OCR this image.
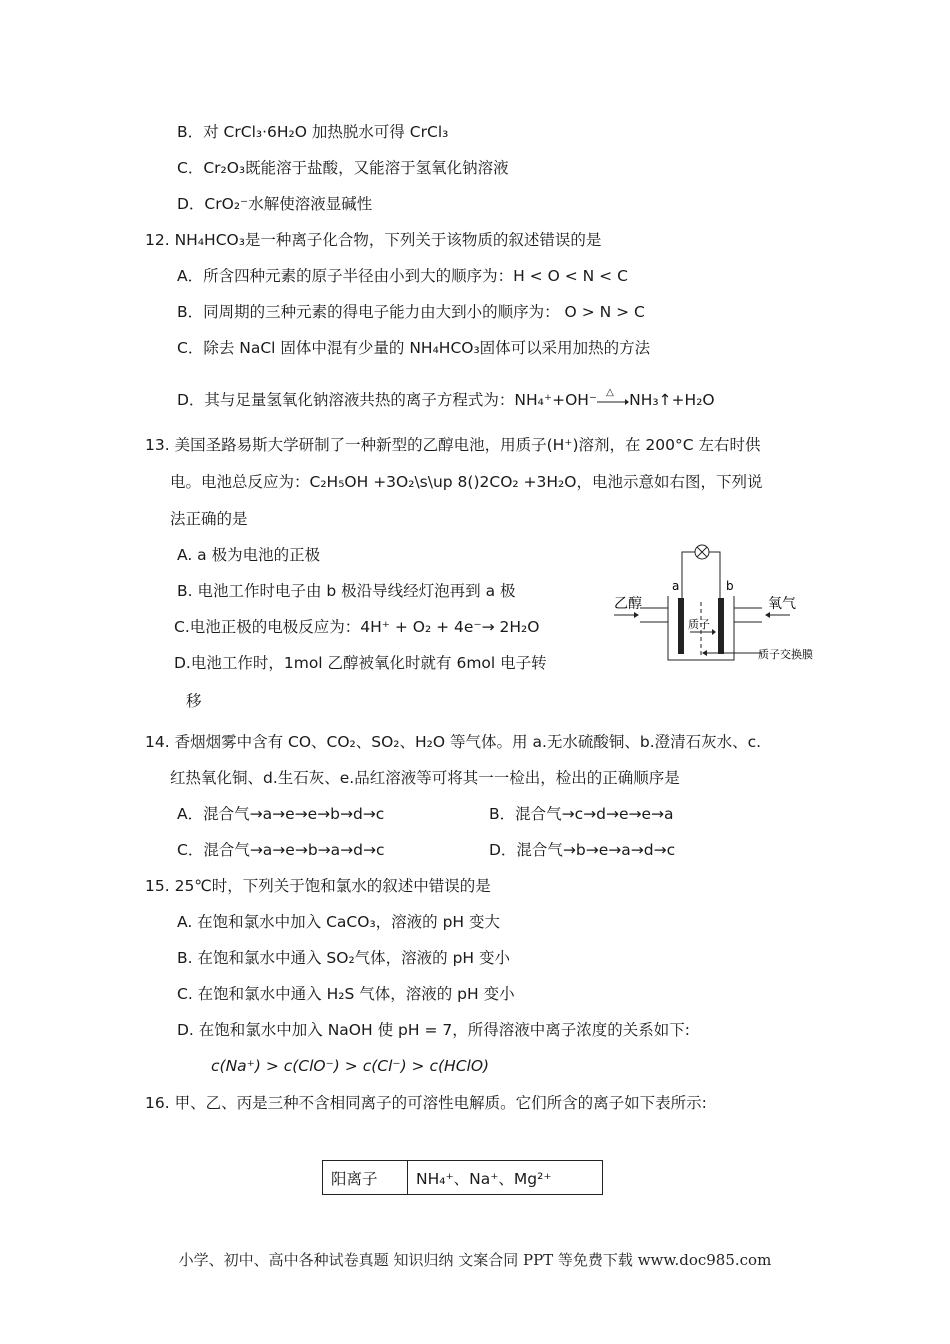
B．对 CrCl₃·6H₂O 加热脱水可得 CrCl₃
C．Cr₂O₃既能溶于盐酸，又能溶于氢氧化钠溶液
D．CrO₂⁻水解使溶液显碱性
12. NH₄HCO₃是一种离子化合物，下列关于该物质的叙述错误的是
A．所含四种元素的原子半径由小到大的顺序为：H < O < N < C
B．同周期的三种元素的得电子能力由大到小的顺序为： O > N > C
C．除去 NaCl 固体中混有少量的 NH₄HCO₃固体可以采用加热的方法
D．其与足量氢氧化钠溶液共热的离子方程式为：NH₄⁺+OH⁻ △ NH₃↑+H₂O
13. 美国圣路易斯大学研制了一种新型的乙醇电池，用质子(H⁺)溶剂，在 200°C 左右时供
电。电池总反应为：C₂H₅OH +3O₂\s\up 8()2CO₂ +3H₂O，电池示意如右图，下列说
法正确的是
A. a 极为电池的正极
B. 电池工作时电子由 b 极沿导线经灯泡再到 a 极
C.电池正极的电极反应为：4H⁺ + O₂ + 4e⁻→ 2H₂O
D.电池工作时，1mol 乙醇被氧化时就有 6mol 电子转
移
a	b
乙醇	氧气
质子
质子交换膜
14. 香烟烟雾中含有 CO、CO₂、SO₂、H₂O 等气体。用 a.无水硫酸铜、b.澄清石灰水、c.
红热氧化铜、d.生石灰、e.品红溶液等可将其一一检出，检出的正确顺序是
A．混合气→a→e→e→b→d→c	B．混合气→c→d→e→e→a
C．混合气→a→e→b→a→d→c	D．混合气→b→e→a→d→c
15. 25℃时，下列关于饱和氯水的叙述中错误的是
A. 在饱和氯水中加入 CaCO₃，溶液的 pH 变大
B. 在饱和氯水中通入 SO₂气体，溶液的 pH 变小
C. 在饱和氯水中通入 H₂S 气体，溶液的 pH 变小
D. 在饱和氯水中加入 NaOH 使 pH = 7，所得溶液中离子浓度的关系如下:
c(Na⁺) > c(ClO⁻) > c(Cl⁻) > c(HClO)
16. 甲、乙、丙是三种不含相同离子的可溶性电解质。它们所含的离子如下表所示:
阳离子	NH₄⁺、Na⁺、Mg²⁺
小学、初中、高中各种试卷真题 知识归纳 文案合同 PPT 等免费下载 www.doc985.com
